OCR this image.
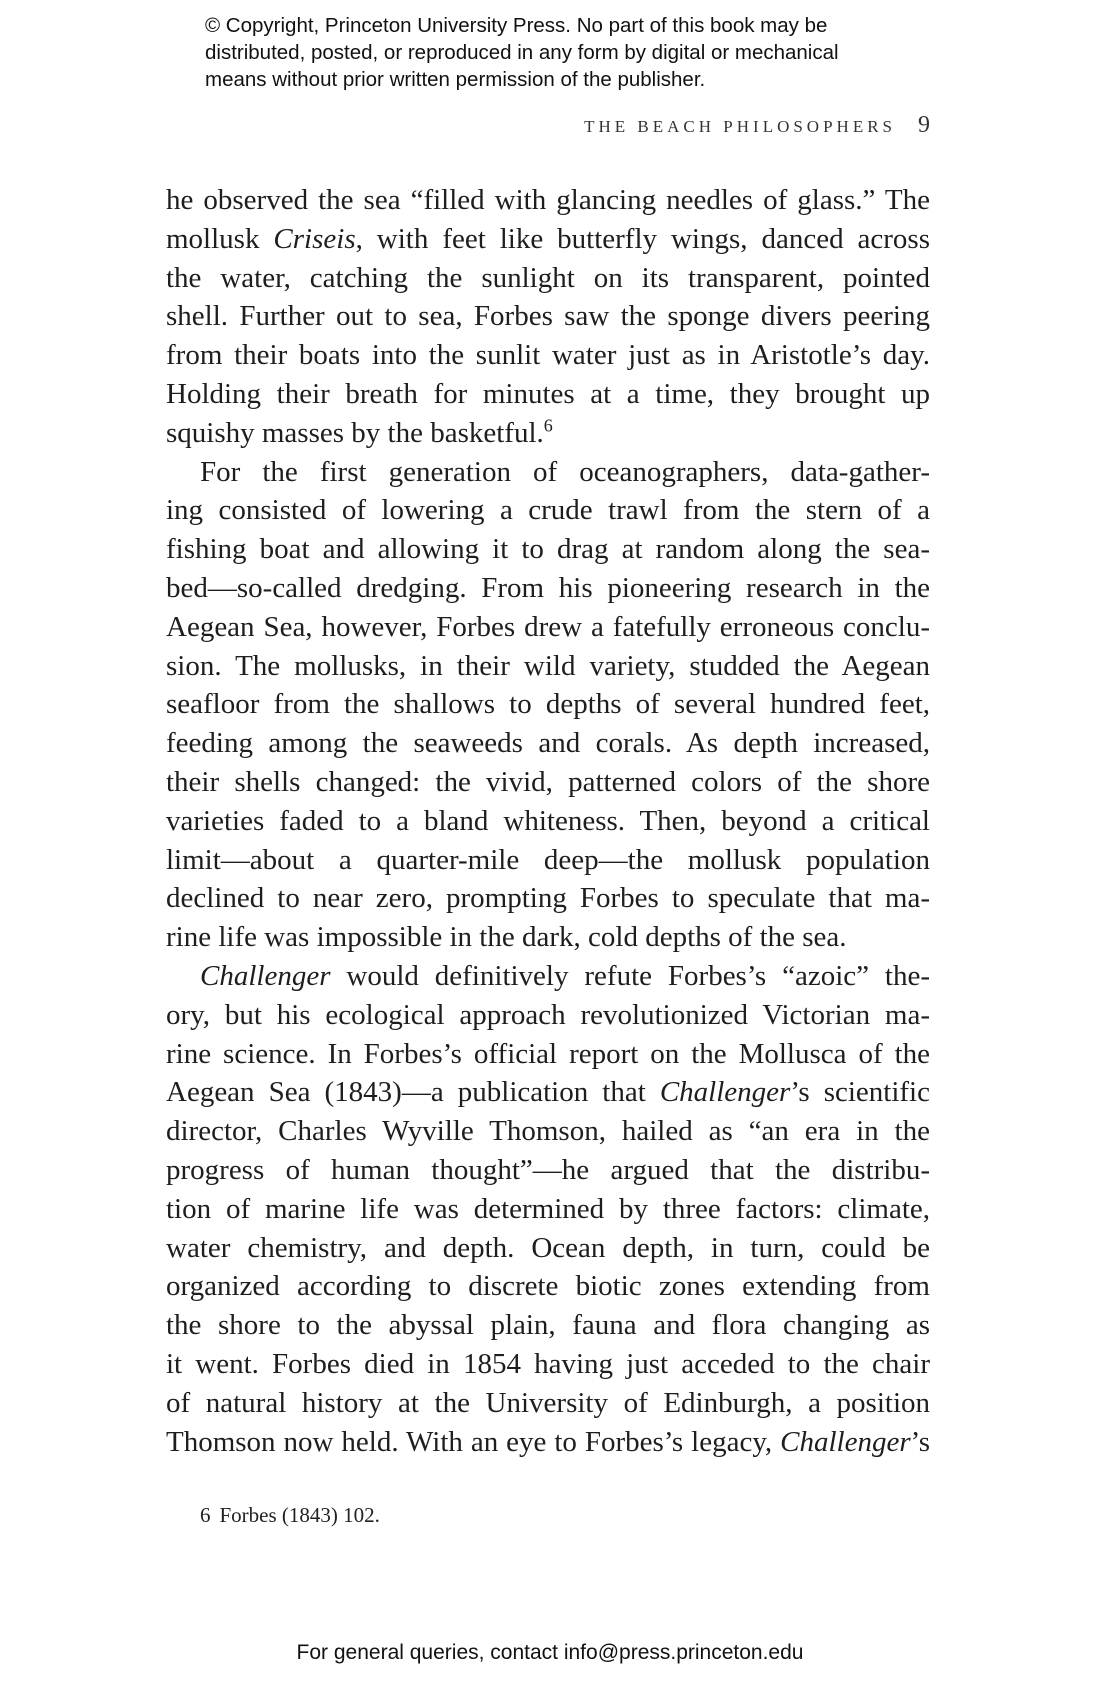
© Copyright, Princeton University Press. No part of this book may be
distributed, posted, or reproduced in any form by digital or mechanical
means without prior written permission of the publisher.
THE BEACH PHILOSOPHERS 9
he observed the sea “filled with glancing needles of glass.” The
mollusk Criseis, with feet like butterfly wings, danced across
the water, catching the sunlight on its transparent, pointed
shell. Further out to sea, Forbes saw the sponge divers peering
from their boats into the sunlit water just as in Aristotle’s day.
Holding their breath for minutes at a time, they brought up
squishy masses by the basketful.$^6$
For the first generation of oceanographers, data-gather-
ing consisted of lowering a crude trawl from the stern of a
fishing boat and allowing it to drag at random along the sea-
bed—so-called dredging. From his pioneering research in the
Aegean Sea, however, Forbes drew a fatefully erroneous conclu-
sion. The mollusks, in their wild variety, studded the Aegean
seafloor from the shallows to depths of several hundred feet,
feeding among the seaweeds and corals. As depth increased,
their shells changed: the vivid, patterned colors of the shore
varieties faded to a bland whiteness. Then, beyond a critical
limit—about a quarter-mile deep—the mollusk population
declined to near zero, prompting Forbes to speculate that ma-
rine life was impossible in the dark, cold depths of the sea.
Challenger would definitively refute Forbes’s “azoic” the-
ory, but his ecological approach revolutionized Victorian ma-
rine science. In Forbes’s official report on the Mollusca of the
Aegean Sea (1843)—a publication that Challenger’s scientific
director, Charles Wyville Thomson, hailed as “an era in the
progress of human thought”—he argued that the distribu-
tion of marine life was determined by three factors: climate,
water chemistry, and depth. Ocean depth, in turn, could be
organized according to discrete biotic zones extending from
the shore to the abyssal plain, fauna and flora changing as
it went. Forbes died in 1854 having just acceded to the chair
of natural history at the University of Edinburgh, a position
Thomson now held. With an eye to Forbes’s legacy, Challenger’s
6 Forbes (1843) 102.
For general queries, contact info@press.princeton.edu
